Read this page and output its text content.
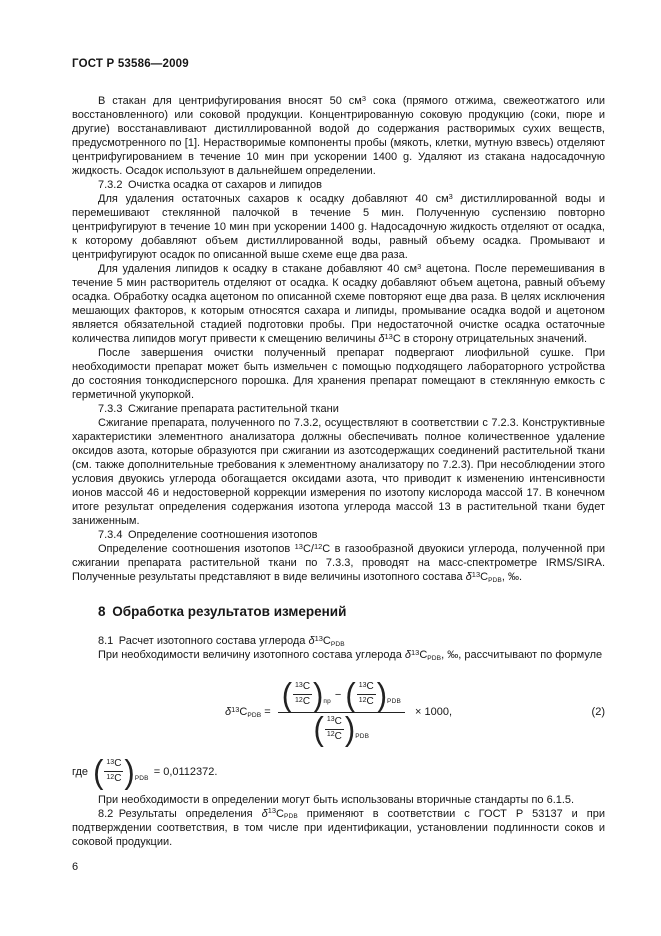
ГОСТ Р 53586—2009
В стакан для центрифугирования вносят 50 $см^3$ сока (прямого отжима, свежеотжатого или восстановленного) или соковой продукции. Концентрированную соковую продукцию (соки, пюре и другие) восстанавливают дистиллированной водой до содержания растворимых сухих веществ, предусмотренного по [1]. Нерастворимые компоненты пробы (мякоть, клетки, мутную взвесь) отделяют центрифугированием в течение 10 мин при ускорении 1400 g. Удаляют из стакана надосадочную жидкость. Осадок используют в дальнейшем определении.
7.3.2 Очистка осадка от сахаров и липидов
Для удаления остаточных сахаров к осадку добавляют 40 $см^3$ дистиллированной воды и перемешивают стеклянной палочкой в течение 5 мин. Полученную суспензию повторно центрифугируют в течение 10 мин при ускорении 1400 g. Надосадочную жидкость отделяют от осадка, к которому добавляют объем дистиллированной воды, равный объему осадка. Промывают и центрифугируют осадок по описанной выше схеме еще два раза.
Для удаления липидов к осадку в стакане добавляют 40 $см^3$ ацетона. После перемешивания в течение 5 мин растворитель отделяют от осадка. К осадку добавляют объем ацетона, равный объему осадка. Обработку осадка ацетоном по описанной схеме повторяют еще два раза. В целях исключения мешающих факторов, к которым относятся сахара и липиды, промывание осадка водой и ацетоном является обязательной стадией подготовки пробы. При недостаточной очистке осадка остаточные количества липидов могут привести к смещению величины $\delta^{13}C$ в сторону отрицательных значений.
После завершения очистки полученный препарат подвергают лиофильной сушке. При необходимости препарат может быть измельчен с помощью подходящего лабораторного устройства до состояния тонкодисперсного порошка. Для хранения препарат помещают в стеклянную емкость с герметичной укупоркой.
7.3.3 Сжигание препарата растительной ткани
Сжигание препарата, полученного по 7.3.2, осуществляют в соответствии с 7.2.3. Конструктивные характеристики элементного анализатора должны обеспечивать полное количественное удаление оксидов азота, которые образуются при сжигании из азотсодержащих соединений растительной ткани (см. также дополнительные требования к элементному анализатору по 7.2.3). При несоблюдении этого условия двуокись углерода обогащается оксидами азота, что приводит к изменению интенсивности ионов массой 46 и недостоверной коррекции измерения по изотопу кислорода массой 17. В конечном итоге результат определения содержания изотопа углерода массой 13 в растительной ткани будет заниженным.
7.3.4 Определение соотношения изотопов
Определение соотношения изотопов $^{13}$C/$^{12}$C в газообразной двуокиси углерода, полученной при сжигании препарата растительной ткани по 7.3.3, проводят на масс-спектрометре IRMS/SIRA. Полученные результаты представляют в виде величины изотопного состава $\delta^{13}C_{PDB}$, ‰.
8 Обработка результатов измерений
8.1 Расчет изотопного состава углерода $\delta^{13}C_{PDB}$
При необходимости величину изотопного состава углерода $\delta^{13}C_{PDB}$, ‰, рассчитывают по формуле
$\delta^{13}C_{PDB}$ = ( $^{13}$C
$^{12}$C ) пр
− ( $^{13}$C
$^{12}$C ) PDB
( $^{13}$C
$^{12}$C ) PDB
× 1000,	(2)
где ( $^{13}$C
$^{12}$C ) PDB
= 0,0112372.
При необходимости в определении могут быть использованы вторичные стандарты по 6.1.5.
8.2 Результаты определения $\delta^{13}C_{PDB}$ применяют в соответствии с ГОСТ Р 53137 и при подтверждении соответствия, в том числе при идентификации, установлении подлинности соков и соковой продукции.
6
